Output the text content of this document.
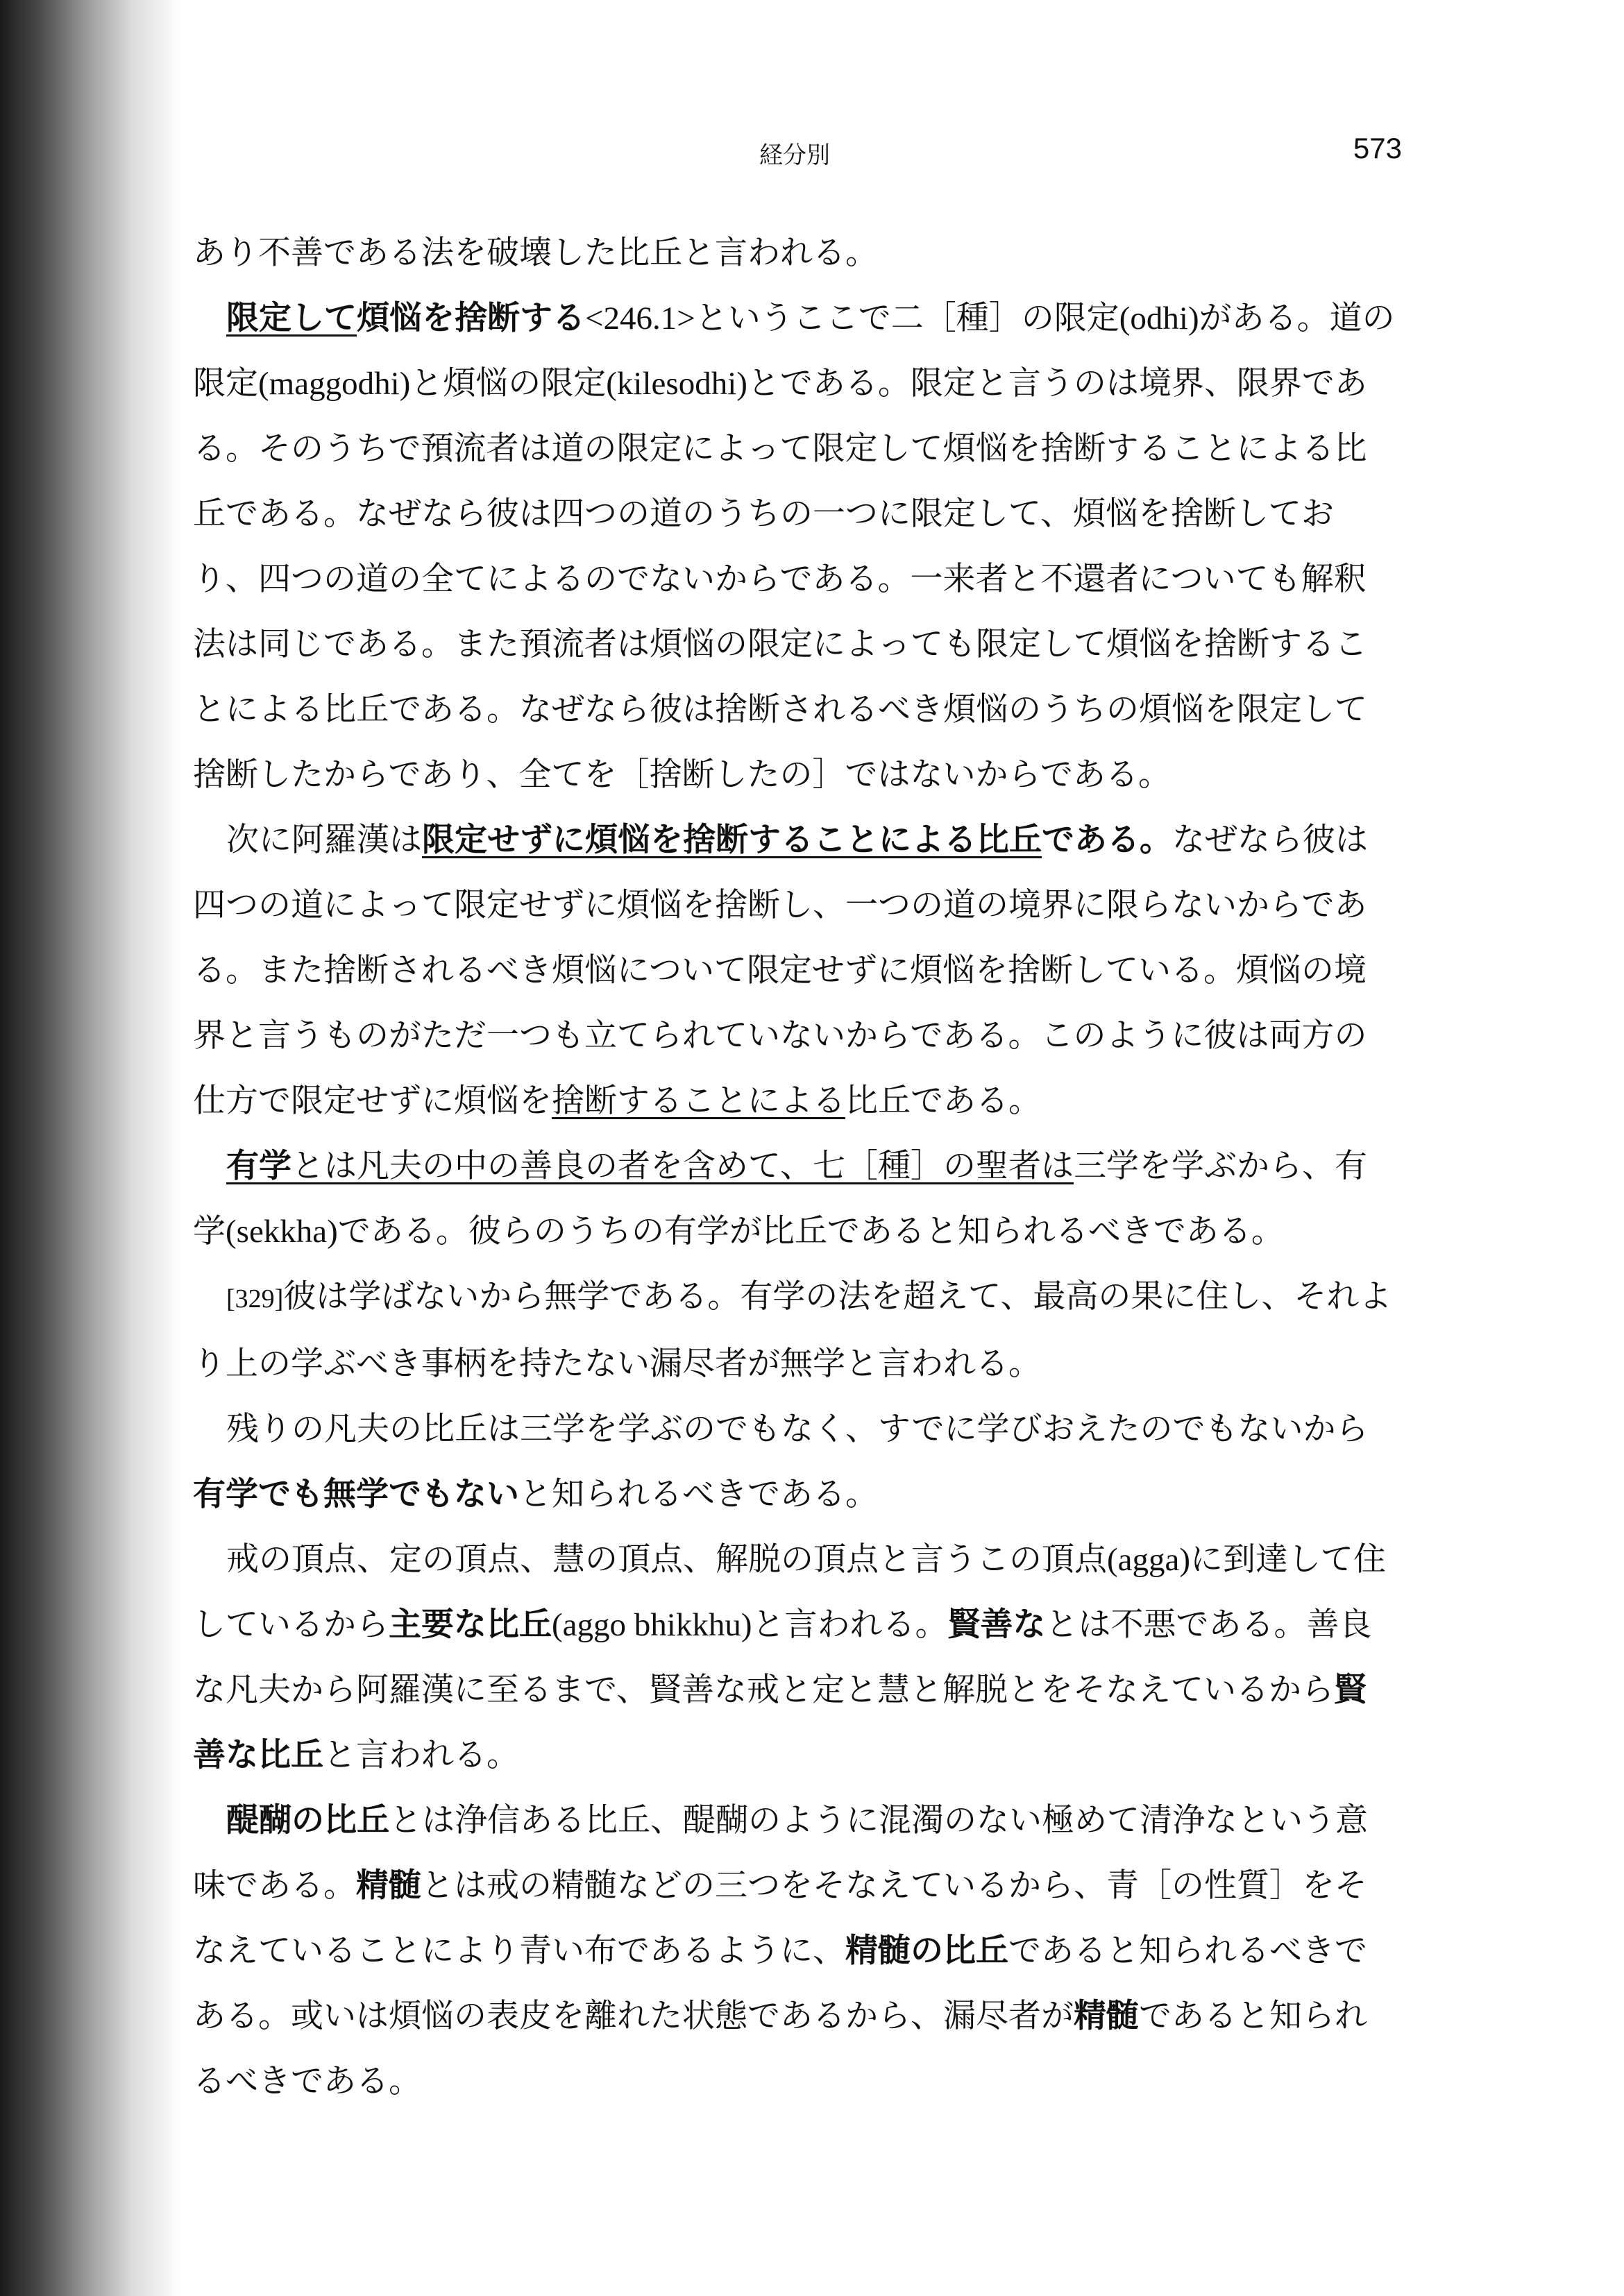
経分別	573

あり不善である法を破壊した比丘と言われる。

限定して煩悩を捨断する<246.1>というここで二［種］の限定(odhi)がある。道の限定(maggodhi)と煩悩の限定(kilesodhi)とである。限定と言うのは境界、限界である。そのうちで預流者は道の限定によって限定して煩悩を捨断することによる比丘である。なぜなら彼は四つの道のうちの一つに限定して、煩悩を捨断しており、四つの道の全てによるのでないからである。一来者と不還者についても解釈法は同じである。また預流者は煩悩の限定によっても限定して煩悩を捨断することによる比丘である。なぜなら彼は捨断されるべき煩悩のうちの煩悩を限定して捨断したからであり、全てを［捨断したの］ではないからである。

次に阿羅漢は限定せずに煩悩を捨断することによる比丘である。なぜなら彼は四つの道によって限定せずに煩悩を捨断し、一つの道の境界に限らないからである。また捨断されるべき煩悩について限定せずに煩悩を捨断している。煩悩の境界と言うものがただ一つも立てられていないからである。このように彼は両方の仕方で限定せずに煩悩を捨断することによる比丘である。

有学とは凡夫の中の善良の者を含めて、七［種］の聖者は三学を学ぶから、有学(sekkha)である。彼らのうちの有学が比丘であると知られるべきである。

[329]彼は学ばないから無学である。有学の法を超えて、最高の果に住し、それより上の学ぶべき事柄を持たない漏尽者が無学と言われる。

残りの凡夫の比丘は三学を学ぶのでもなく、すでに学びおえたのでもないから有学でも無学でもないと知られるべきである。

戒の頂点、定の頂点、慧の頂点、解脱の頂点と言うこの頂点(agga)に到達して住しているから主要な比丘(aggo bhikkhu)と言われる。賢善なとは不悪である。善良な凡夫から阿羅漢に至るまで、賢善な戒と定と慧と解脱とをそなえているから賢善な比丘と言われる。

醍醐の比丘とは浄信ある比丘、醍醐のように混濁のない極めて清浄なという意味である。精髄とは戒の精髄などの三つをそなえているから、青［の性質］をそなえていることにより青い布であるように、精髄の比丘であると知られるべきである。或いは煩悩の表皮を離れた状態であるから、漏尽者が精髄であると知られるべきである。
